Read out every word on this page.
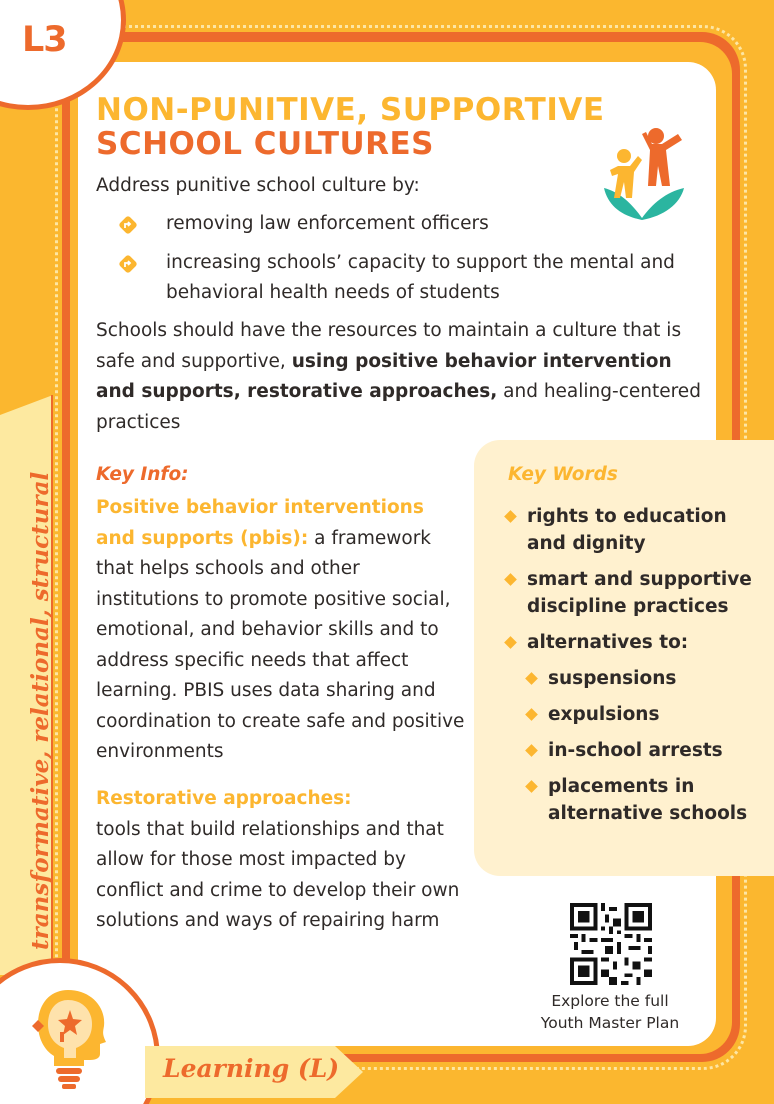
L3
transformative, relational, structural
NON-PUNITIVE, SUPPORTIVE
SCHOOL CULTURES
Address punitive school culture by:
removing law enforcement officers
increasing schools’ capacity to support the mental and behavioral health needs of students
Schools should have the resources to maintain a culture that is safe and supportive, using positive behavior intervention and supports, restorative approaches, and healing-centered practices
Key Info:
Positive behavior interventions and supports (pbis): a framework that helps schools and other institutions to promote positive social, emotional, and behavior skills and to address specific needs that affect learning. PBIS uses data sharing and coordination to create safe and positive environments
Restorative approaches:
tools that build relationships and that allow for those most impacted by conflict and crime to develop their own solutions and ways of repairing harm
Key Words
rights to education and dignity
smart and supportive discipline practices
alternatives to:
suspensions
expulsions
in-school arrests
placements in alternative schools
Explore the full
Youth Master Plan
Learning (L)
